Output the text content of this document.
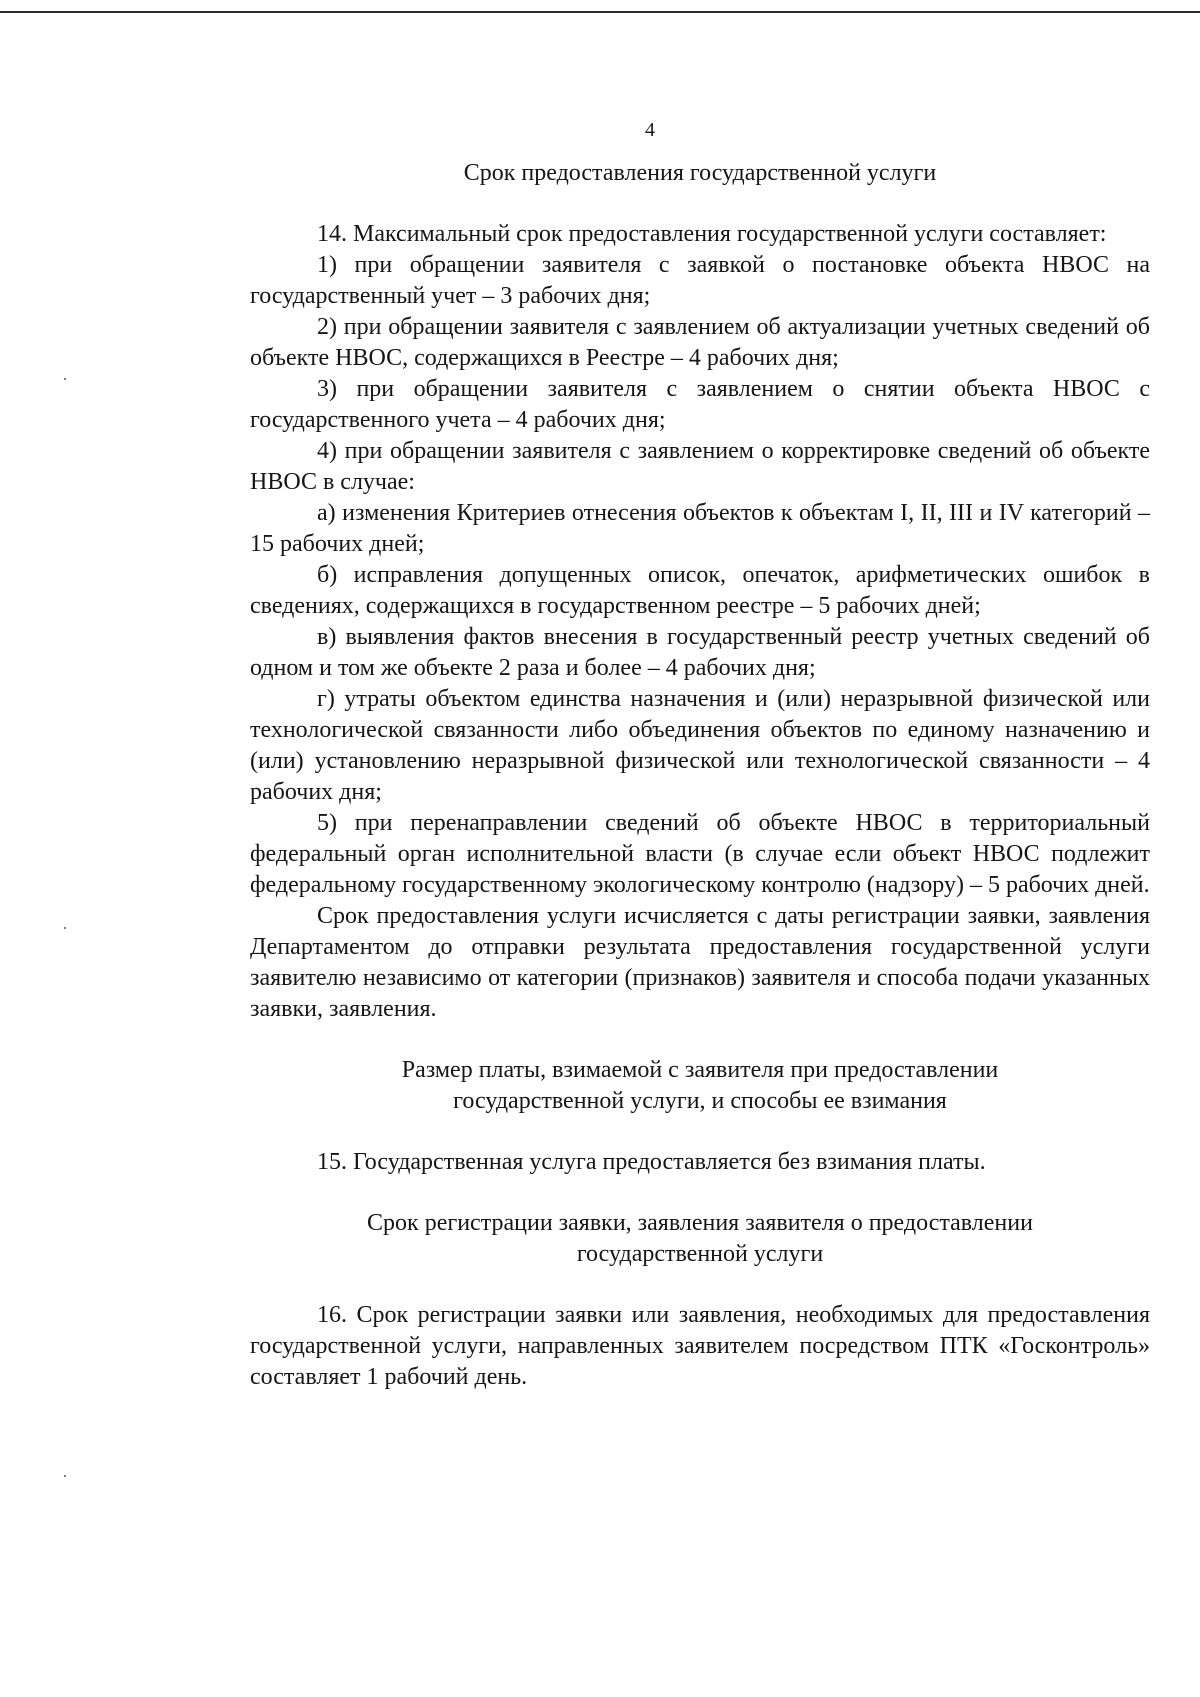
4
Срок предоставления государственной услуги

14. Максимальный срок предоставления государственной услуги составляет:

1) при обращении заявителя с заявкой о постановке объекта НВОС на государственный учет – 3 рабочих дня;

2) при обращении заявителя с заявлением об актуализации учетных сведений об объекте НВОС, содержащихся в Реестре – 4 рабочих дня;

3) при обращении заявителя с заявлением о снятии объекта НВОС с государственного учета – 4 рабочих дня;

4) при обращении заявителя с заявлением о корректировке сведений об объекте НВОС в случае:

а) изменения Критериев отнесения объектов к объектам I, II, III и IV категорий – 15 рабочих дней;

б) исправления допущенных описок, опечаток, арифметических ошибок в сведениях, содержащихся в государственном реестре – 5 рабочих дней;

в) выявления фактов внесения в государственный реестр учетных сведений об одном и том же объекте 2 раза и более – 4 рабочих дня;

г) утраты объектом единства назначения и (или) неразрывной физической или технологической связанности либо объединения объектов по единому назначению и (или) установлению неразрывной физической или технологической связанности – 4 рабочих дня;

5) при перенаправлении сведений об объекте НВОС в территориальный федеральный орган исполнительной власти (в случае если объект НВОС подлежит федеральному государственному экологическому контролю (надзору) – 5 рабочих дней.

Срок предоставления услуги исчисляется с даты регистрации заявки, заявления Департаментом до отправки результата предоставления государственной услуги заявителю независимо от категории (признаков) заявителя и способа подачи указанных заявки, заявления.

Размер платы, взимаемой с заявителя при предоставлении
государственной услуги, и способы ее взимания

15. Государственная услуга предоставляется без взимания платы.

Срок регистрации заявки, заявления заявителя о предоставлении
государственной услуги

16. Срок регистрации заявки или заявления, необходимых для предоставления государственной услуги, направленных заявителем посредством ПТК «Госконтроль» составляет 1 рабочий день.
